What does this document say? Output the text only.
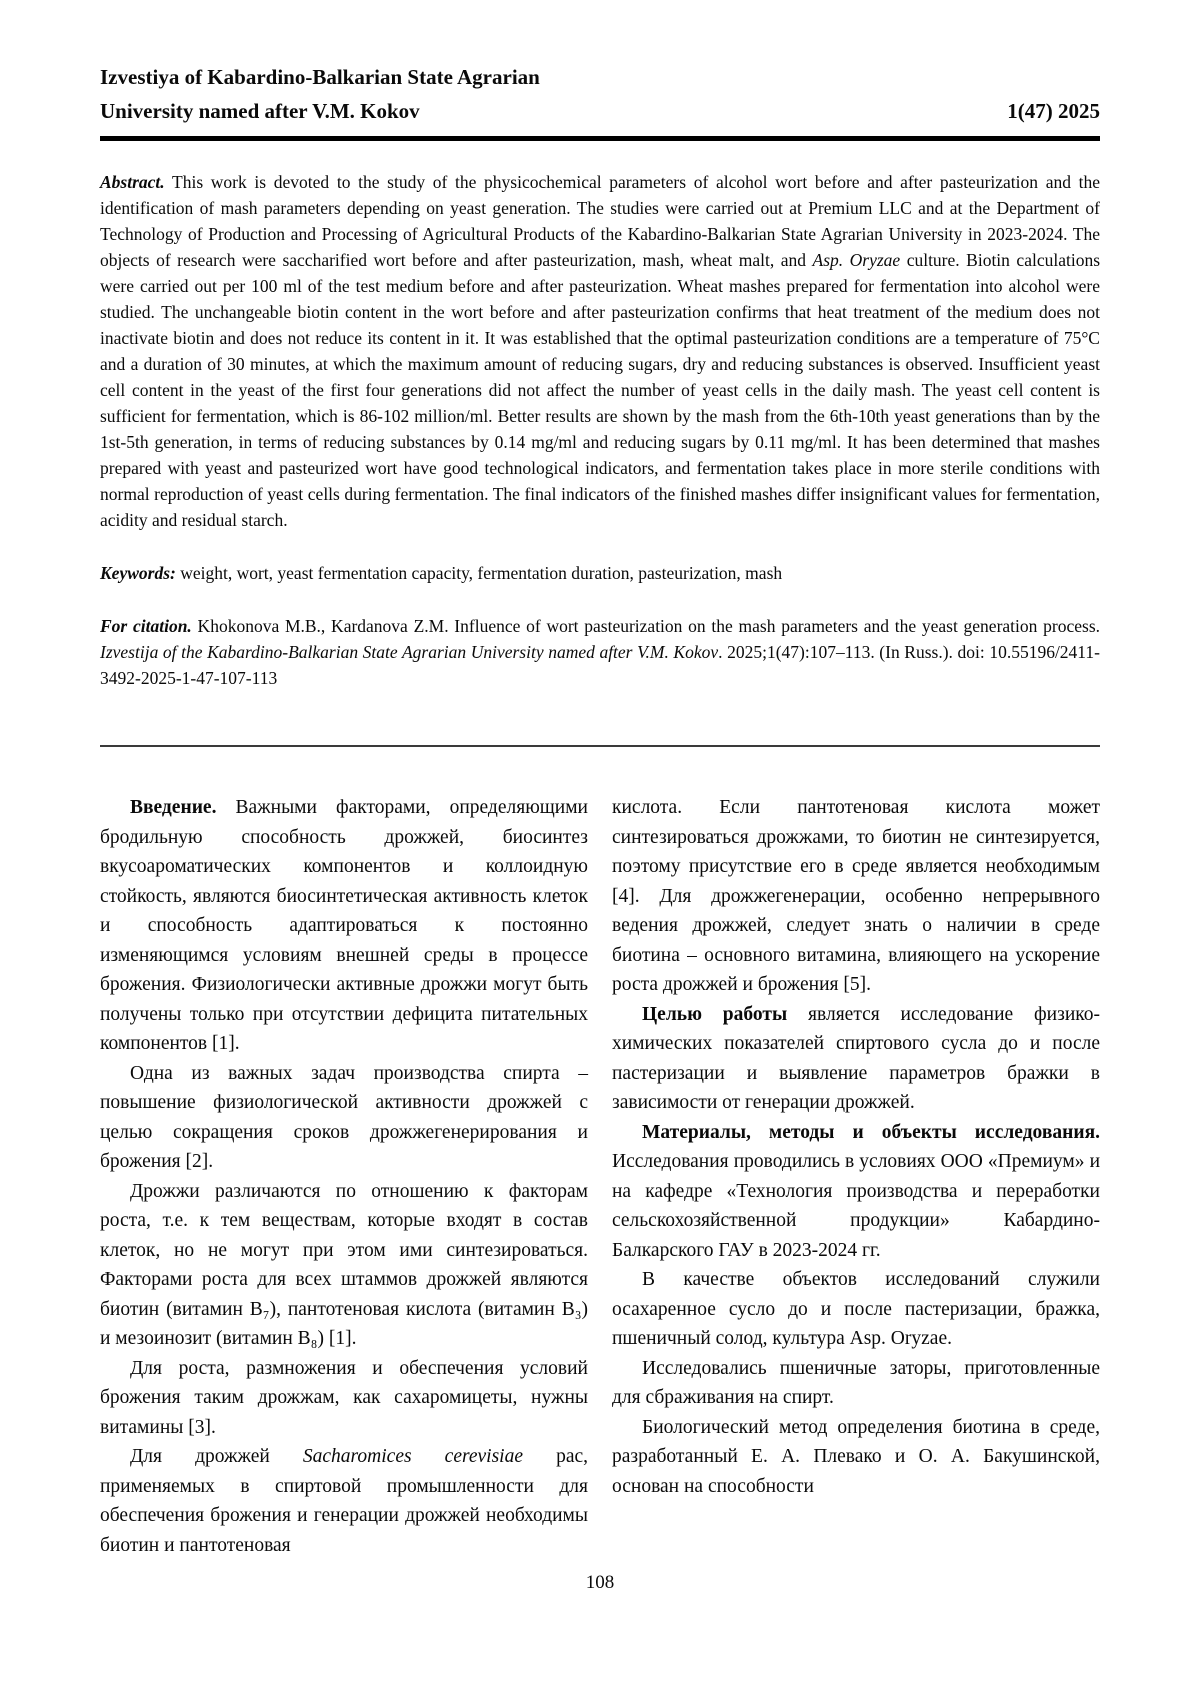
Izvestiya of Kabardino-Balkarian State Agrarian
University named after V.M. Kokov	1(47) 2025

Abstract. This work is devoted to the study of the physicochemical parameters of alcohol wort before and after pasteurization and the identification of mash parameters depending on yeast generation. The studies were carried out at Premium LLC and at the Department of Technology of Production and Processing of Agricultural Products of the Kabardino-Balkarian State Agrarian University in 2023-2024. The objects of research were saccharified wort before and after pasteurization, mash, wheat malt, and Asp. Oryzae culture. Biotin calculations were carried out per 100 ml of the test medium before and after pasteurization. Wheat mashes prepared for fermentation into alcohol were studied. The unchangeable biotin content in the wort before and after pasteurization confirms that heat treatment of the medium does not inactivate biotin and does not reduce its content in it. It was established that the optimal pasteurization conditions are a temperature of 75°C and a duration of 30 minutes, at which the maximum amount of reducing sugars, dry and reducing substances is observed. Insufficient yeast cell content in the yeast of the first four generations did not affect the number of yeast cells in the daily mash. The yeast cell content is sufficient for fermentation, which is 86-102 million/ml. Better results are shown by the mash from the 6th-10th yeast generations than by the 1st-5th generation, in terms of reducing substances by 0.14 mg/ml and reducing sugars by 0.11 mg/ml. It has been determined that mashes prepared with yeast and pasteurized wort have good technological indicators, and fermentation takes place in more sterile conditions with normal reproduction of yeast cells during fermentation. The final indicators of the finished mashes differ insignificant values for fermentation, acidity and residual starch.

Keywords: weight, wort, yeast fermentation capacity, fermentation duration, pasteurization, mash

For citation. Khokonova M.B., Kardanova Z.M. Influence of wort pasteurization on the mash parameters and the yeast generation process. Izvestija of the Kabardino-Balkarian State Agrarian University named after V.M. Kokov. 2025;1(47):107–113. (In Russ.). doi: 10.55196/2411-3492-2025-1-47-107-113

Введение. Важными факторами, определяющими бродильную способность дрожжей, биосинтез вкусоароматических компонентов и коллоидную стойкость, являются биосинтетическая активность клеток и способность адаптироваться к постоянно изменяющимся условиям внешней среды в процессе брожения. Физиологически активные дрожжи могут быть получены только при отсутствии дефицита питательных компонентов [1].

Одна из важных задач производства спирта – повышение физиологической активности дрожжей с целью сокращения сроков дрожжегенерирования и брожения [2].

Дрожжи различаются по отношению к факторам роста, т.е. к тем веществам, которые входят в состав клеток, но не могут при этом ими синтезироваться. Факторами роста для всех штаммов дрожжей являются биотин (витамин B₇), пантотеновая кислота (витамин B₃) и мезоинозит (витамин B₈) [1].

Для роста, размножения и обеспечения условий брожения таким дрожжам, как сахаромицеты, нужны витамины [3].

Для дрожжей Sacharomices cerevisiae рас, применяемых в спиртовой промышленности для обеспечения брожения и генерации дрожжей необходимы биотин и пантотеновая

кислота. Если пантотеновая кислота может синтезироваться дрожжами, то биотин не синтезируется, поэтому присутствие его в среде является необходимым [4]. Для дрожжегенерации, особенно непрерывного ведения дрожжей, следует знать о наличии в среде биотина – основного витамина, влияющего на ускорение роста дрожжей и брожения [5].

Целью работы является исследование физико-химических показателей спиртового сусла до и после пастеризации и выявление параметров бражки в зависимости от генерации дрожжей.

Материалы, методы и объекты исследования. Исследования проводились в условиях ООО «Премиум» и на кафедре «Технология производства и переработки сельскохозяйственной продукции» Кабардино-Балкарского ГАУ в 2023-2024 гг.

В качестве объектов исследований служили осахаренное сусло до и после пастеризации, бражка, пшеничный солод, культура Asp. Oryzae.

Исследовались пшеничные заторы, приготовленные для сбраживания на спирт.

Биологический метод определения биотина в среде, разработанный Е. А. Плевако и О. А. Бакушинской, основан на способности

108
